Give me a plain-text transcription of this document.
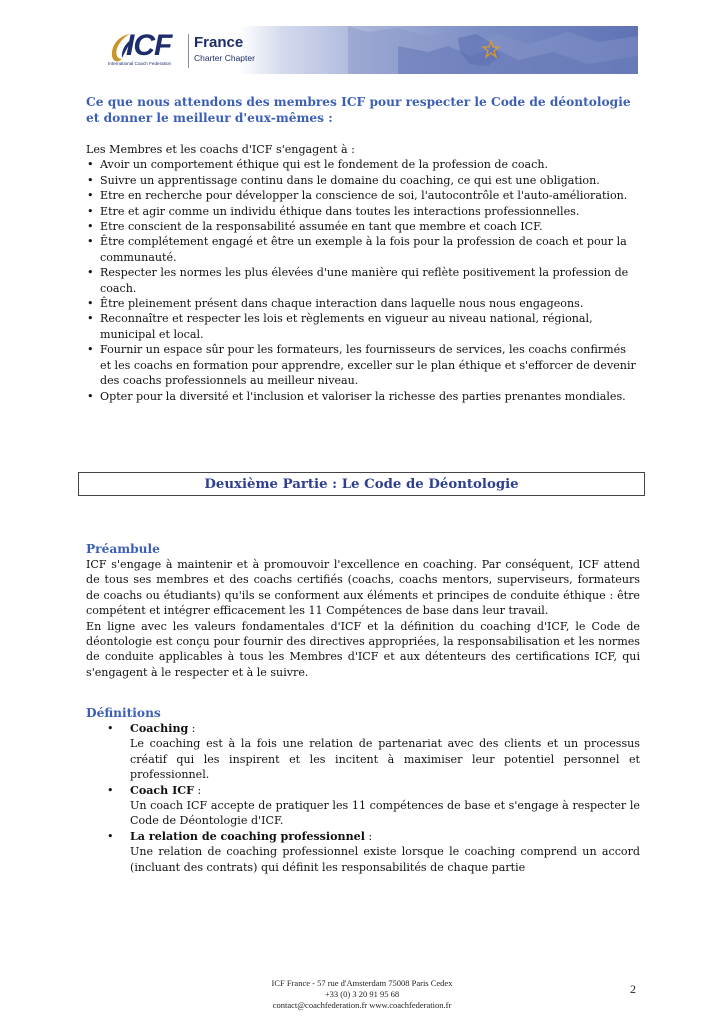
ICF
International Coach Federation
France
Charter Chapter

Ce que nous attendons des membres ICF pour respecter le Code de déontologie et donner le meilleur d'eux-mêmes :

Les Membres et les coachs d'ICF s'engagent à :

• Avoir un comportement éthique qui est le fondement de la profession de coach.
• Suivre un apprentissage continu dans le domaine du coaching, ce qui est une obligation.
• Etre en recherche pour développer la conscience de soi, l'autocontrôle et l'auto-amélioration.
• Etre et agir comme un individu éthique dans toutes les interactions professionnelles.
• Etre conscient de la responsabilité assumée en tant que membre et coach ICF.
• Être complétement engagé et être un exemple à la fois pour la profession de coach et pour la communauté.
• Respecter les normes les plus élevées d'une manière qui reflète positivement la profession de coach.
• Être pleinement présent dans chaque interaction dans laquelle nous nous engageons.
• Reconnaître et respecter les lois et règlements en vigueur au niveau national, régional, municipal et local.
• Fournir un espace sûr pour les formateurs, les fournisseurs de services, les coachs confirmés et les coachs en formation pour apprendre, exceller sur le plan éthique et s'efforcer de devenir des coachs professionnels au meilleur niveau.
• Opter pour la diversité et l'inclusion et valoriser la richesse des parties prenantes mondiales.
Deuxième Partie : Le Code de Déontologie

Préambule

ICF s'engage à maintenir et à promouvoir l'excellence en coaching. Par conséquent, ICF attend de tous ses membres et des coachs certifiés (coachs, coachs mentors, superviseurs, formateurs de coachs ou étudiants) qu'ils se conforment aux éléments et principes de conduite éthique : être compétent et intégrer efficacement les 11 Compétences de base dans leur travail.

En ligne avec les valeurs fondamentales d'ICF et la définition du coaching d'ICF, le Code de déontologie est conçu pour fournir des directives appropriées, la responsabilisation et les normes de conduite applicables à tous les Membres d'ICF et aux détenteurs des certifications ICF, qui s'engagent à le respecter et à le suivre.

Définitions

• Coaching :
Le coaching est à la fois une relation de partenariat avec des clients et un processus créatif qui les inspirent et les incitent à maximiser leur potentiel personnel et professionnel.
• Coach ICF :
Un coach ICF accepte de pratiquer les 11 compétences de base et s'engage à respecter le Code de Déontologie d'ICF.
• La relation de coaching professionnel :
Une relation de coaching professionnel existe lorsque le coaching comprend un accord (incluant des contrats) qui définit les responsabilités de chaque partie
ICF France - 57 rue d'Amsterdam 75008 Paris Cedex
+33 (0) 3 20 91 95 68
contact@coachfederation.fr www.coachfederation.fr
2
